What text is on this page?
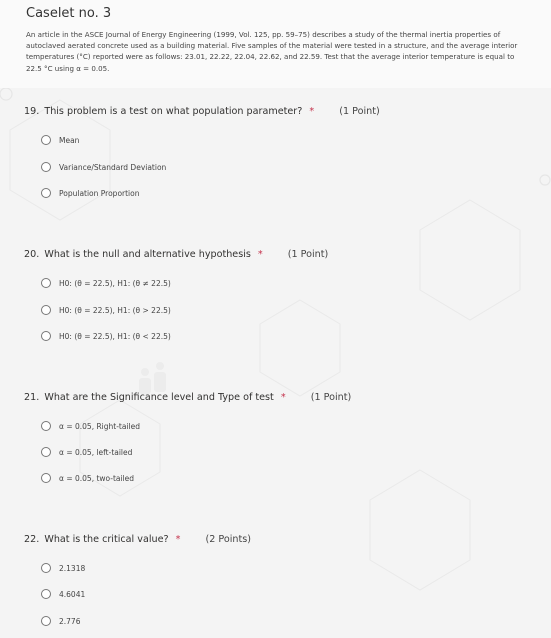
Caselet no. 3
An article in the ASCE Journal of Energy Engineering (1999, Vol. 125, pp. 59–75) describes a study of the thermal inertia properties of autoclaved aerated concrete used as a building material. Five samples of the material were tested in a structure, and the average interior temperatures (°C) reported were as follows: 23.01, 22.22, 22.04, 22.62, and 22.59. Test that the average interior temperature is equal to 22.5 °C using α = 0.05.
19. This problem is a test on what population parameter? *	(1 Point)
Mean
Variance/Standard Deviation
Population Proportion
20. What is the null and alternative hypothesis *	(1 Point)
H0: (θ = 22.5), H1: (θ ≠ 22.5)
H0: (θ = 22.5), H1: (θ > 22.5)
H0: (θ = 22.5), H1: (θ < 22.5)
21. What are the Significance level and Type of test *	(1 Point)
α = 0.05, Right-tailed
α = 0.05, left-tailed
α = 0.05, two-tailed
22. What is the critical value? *	(2 Points)
2.1318
4.6041
2.776
